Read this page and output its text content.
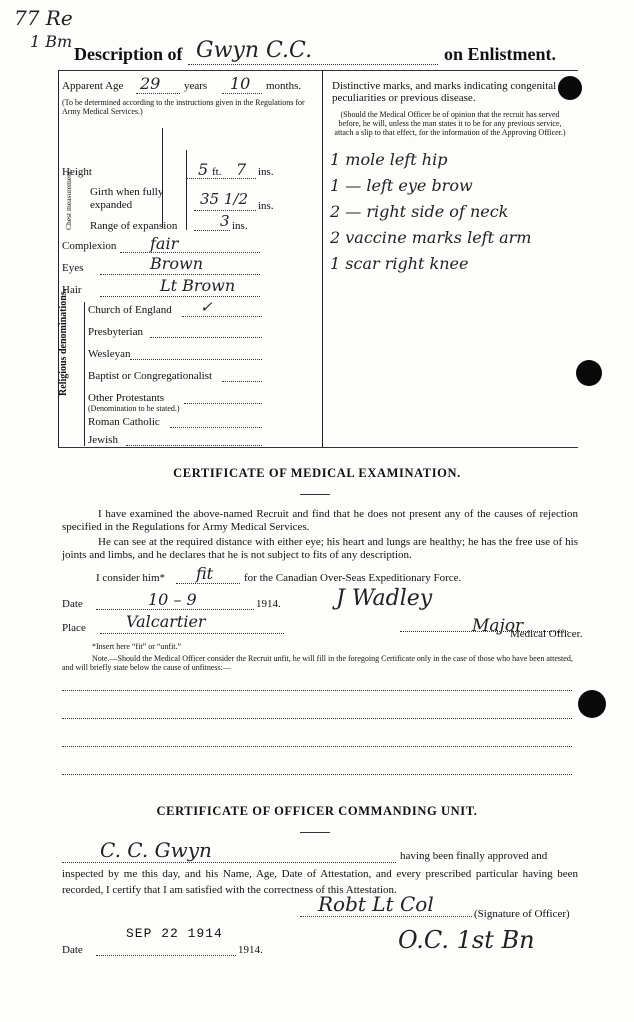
77 Re
1 Bm
Description of Gwyn C.C.	on Enlistment.
Apparent Age 29 years 10 months.
(To be determined according to the instructions given in the Regulations for Army Medical Services.)
Height	5 ft. 7 ins.
Chest measurement. Girth when fully expanded	35 1/2 ins.
Range of expansion	3 ins.
Complexion fair
Eyes	Brown
Hair	Lt Brown
Religious denominations. Church of England ✓
Presbyterian
Wesleyan
Baptist or Congregationalist
Other Protestants
(Denomination to be stated.)
Roman Catholic
Jewish
Distinctive marks, and marks indicating congenital peculiarities or previous disease.
(Should the Medical Officer be of opinion that the recruit has served before, he will, unless the man states it to be for any previous service, attach a slip to that effect, for the information of the Approving Officer.)
1 mole left hip
1 — left eye brow
2 — right side of neck
2 vaccine marks left arm
1 scar right knee
CERTIFICATE OF MEDICAL EXAMINATION.
I have examined the above-named Recruit and find that he does not present any of the causes of rejection specified in the Regulations for Army Medical Services.
He can see at the required distance with either eye; his heart and lungs are healthy; he has the free use of his joints and limbs, and he declares that he is not subject to fits of any description.
I consider him* fit	for the Canadian Over-Seas Expeditionary Force.
Date	10 – 9	1914.	J Wadley
Place	Valcartier	Major
Medical Officer.
*Insert here “fit” or “unfit.”
Note.—Should the Medical Officer consider the Recruit unfit, he will fill in the foregoing Certificate only in the case of those who have been attested, and will briefly state below the cause of unfitness:—
CERTIFICATE OF OFFICER COMMANDING UNIT.
C. C. Gwyn	having been finally approved and
inspected by me this day, and his Name, Age, Date of Attestation, and every prescribed particular having been recorded, I certify that I am satisfied with the correctness of this Attestation.
Robt Lt Col	(Signature of Officer)
SEP 22 1914
Date	1914.	O.C. 1st Bn
